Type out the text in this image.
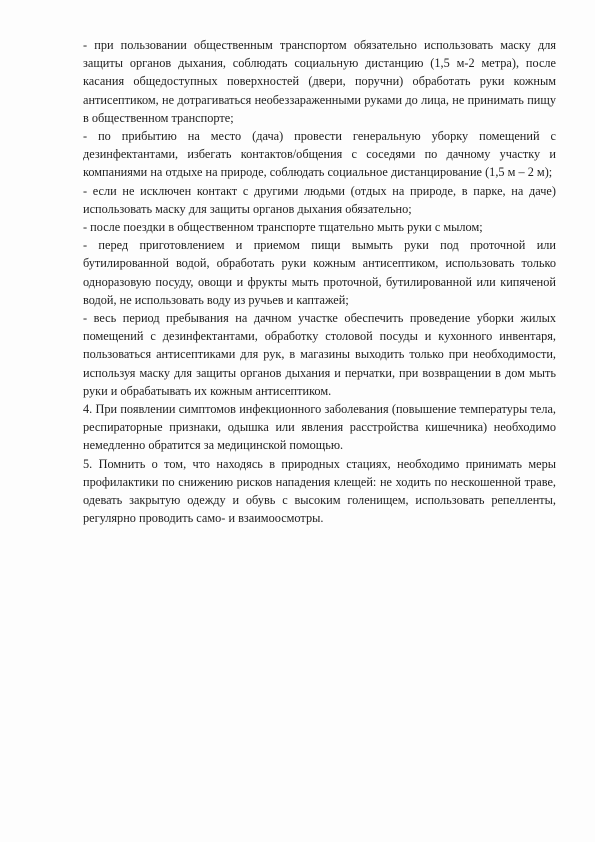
- при пользовании общественным транспортом обязательно использовать маску для защиты органов дыхания, соблюдать социальную дистанцию (1,5 м-2 метра), после касания общедоступных поверхностей (двери, поручни) обработать руки кожным антисептиком, не дотрагиваться необеззараженными руками до лица, не принимать пищу в общественном транспорте;

- по прибытию на место (дача) провести генеральную уборку помещений с дезинфектантами, избегать контактов/общения с соседями по дачному участку и компаниями на отдыхе на природе, соблюдать социальное дистанцирование (1,5 м – 2 м);

- если не исключен контакт с другими людьми (отдых на природе, в парке, на даче) использовать маску для защиты органов дыхания обязательно;

- после поездки в общественном транспорте тщательно мыть руки с мылом;

- перед приготовлением и приемом пищи вымыть руки под проточной или бутилированной водой, обработать руки кожным антисептиком, использовать только одноразовую посуду, овощи и фрукты мыть проточной, бутилированной или кипяченой водой, не использовать воду из ручьев и каптажей;

- весь период пребывания на дачном участке обеспечить проведение уборки жилых помещений с дезинфектантами, обработку столовой посуды и кухонного инвентаря, пользоваться антисептиками для рук, в магазины выходить только при необходимости, используя маску для защиты органов дыхания и перчатки, при возвращении в дом мыть руки и обрабатывать их кожным антисептиком.

4. При появлении симптомов инфекционного заболевания (повышение температуры тела, респираторные признаки, одышка или явления расстройства кишечника) необходимо немедленно обратится за медицинской помощью.

5. Помнить о том, что находясь в природных стациях, необходимо принимать меры профилактики по снижению рисков нападения клещей: не ходить по нескошенной траве, одевать закрытую одежду и обувь с высоким голенищем, использовать репелленты, регулярно проводить само- и взаимоосмотры.
